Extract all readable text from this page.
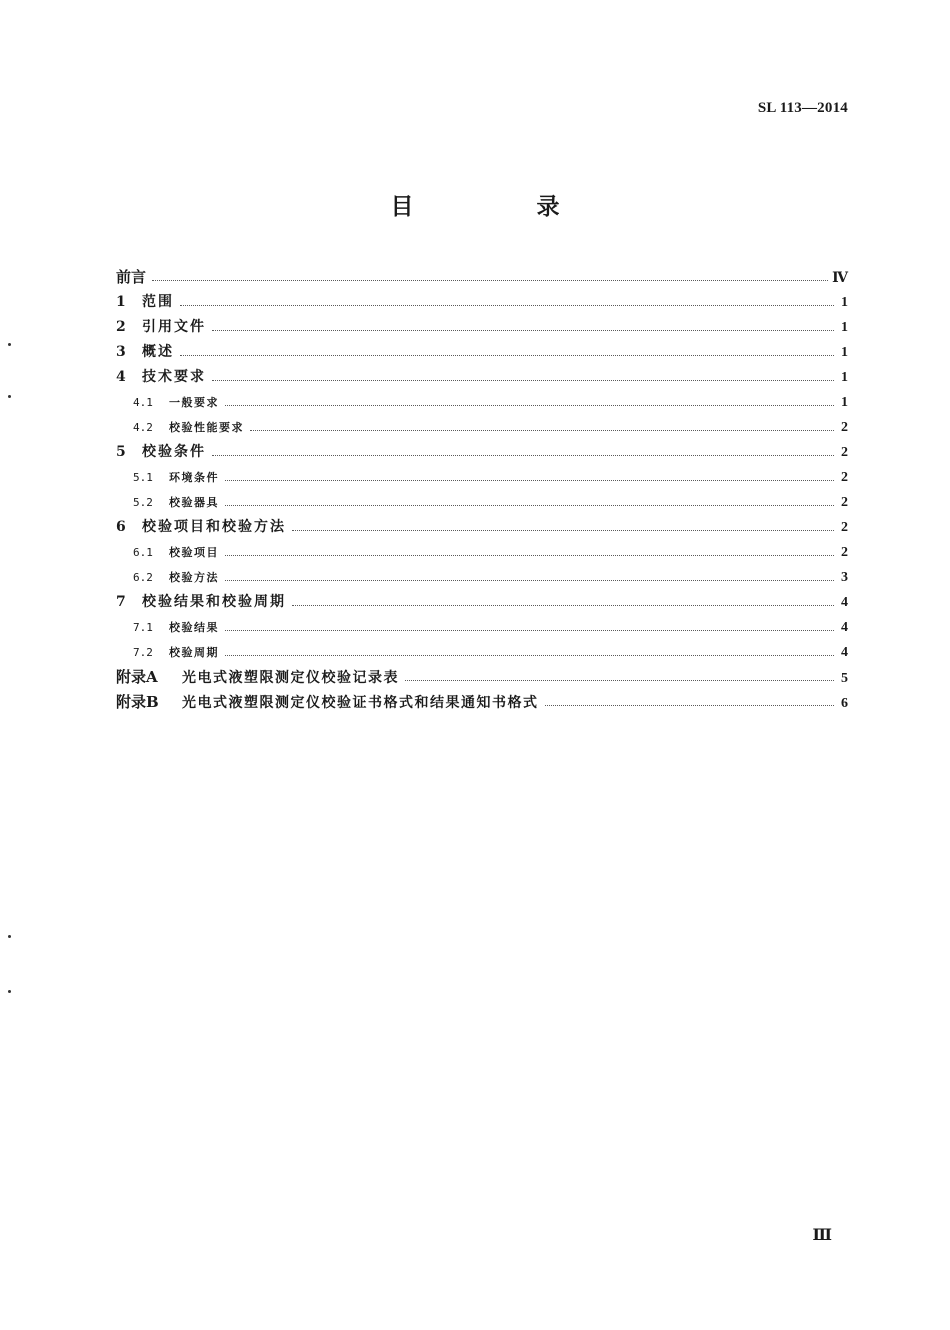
SL 113—2014
目　录
前言	Ⅳ
1	范围	1
2	引用文件	1
3	概述	1
4	技术要求	1
4.1	一般要求	1
4.2	校验性能要求	2
5	校验条件	2
5.1	环境条件	2
5.2	校验器具	2
6	校验项目和校验方法	2
6.1	校验项目	2
6.2	校验方法	3
7	校验结果和校验周期	4
7.1	校验结果	4
7.2	校验周期	4
附录A	光电式液塑限测定仪校验记录表	5
附录B	光电式液塑限测定仪校验证书格式和结果通知书格式	6
Ⅲ
